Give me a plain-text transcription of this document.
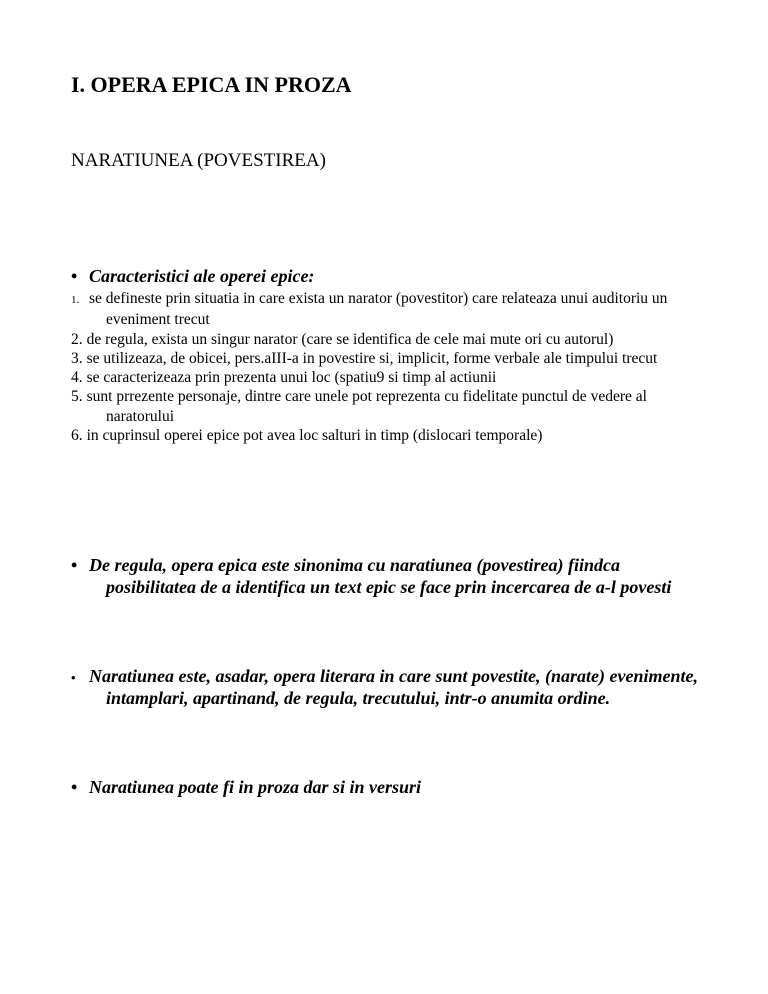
I. OPERA EPICA IN PROZA
NARATIUNEA (POVESTIREA)
• Caracteristici ale operei epice:
1. se defineste prin situatia in care exista un narator (povestitor) care relateaza unui auditoriu un eveniment trecut
2. de regula, exista un singur narator (care se identifica de cele mai mute ori cu autorul)
3. se utilizeaza, de obicei, pers.aIII-a in povestire si, implicit, forme verbale ale timpului trecut
4. se caracterizeaza prin prezenta unui loc (spatiu9 si timp al actiunii
5. sunt prrezente personaje, dintre care unele pot reprezenta cu fidelitate punctul de vedere al naratorului
6. in cuprinsul operei epice pot avea loc salturi in timp (dislocari temporale)
• De regula, opera epica este sinonima cu naratiunea (povestirea) fiindca posibilitatea de a identifica un text epic se face prin incercarea de a-l povesti
• Naratiunea este, asadar, opera literara in care sunt povestite, (narate) evenimente, intamplari, apartinand, de regula, trecutului, intr-o anumita ordine.
• Naratiunea poate fi in proza dar si in versuri
